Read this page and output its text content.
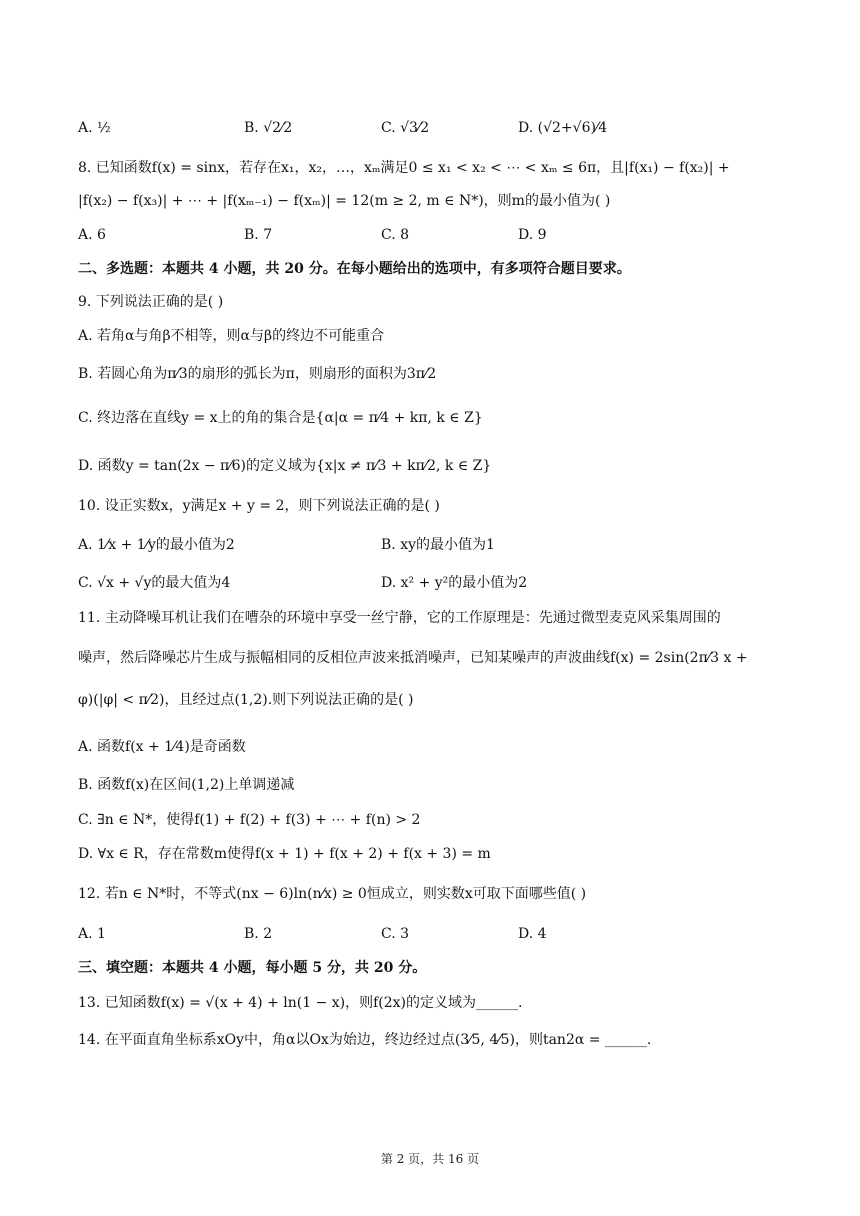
A. ½	B. √2⁄2	C. √3⁄2	D. (√2+√6)⁄4
8. 已知函数f(x) = sinx，若存在x₁，x₂，…，xₘ满足0 ≤ x₁ < x₂ < ⋯ < xₘ ≤ 6π，且|f(x₁) − f(x₂)| +
|f(x₂) − f(x₃)| + ⋯ + |f(xₘ₋₁) − f(xₘ)| = 12(m ≥ 2, m ∈ N*)，则m的最小值为( )
A. 6	B. 7	C. 8	D. 9
二、多选题：本题共 4 小题，共 20 分。在每小题给出的选项中，有多项符合题目要求。
9. 下列说法正确的是( )
A. 若角α与角β不相等，则α与β的终边不可能重合
B. 若圆心角为π⁄3的扇形的弧长为π，则扇形的面积为3π⁄2
C. 终边落在直线y = x上的角的集合是{α|α = π⁄4 + kπ, k ∈ Z}
D. 函数y = tan(2x − π⁄6)的定义域为{x|x ≠ π⁄3 + kπ⁄2, k ∈ Z}
10. 设正实数x，y满足x + y = 2，则下列说法正确的是( )
A. 1⁄x + 1⁄y的最小值为2	B. xy的最小值为1
C. √x + √y的最大值为4	D. x² + y²的最小值为2
11. 主动降噪耳机让我们在嘈杂的环境中享受一丝宁静，它的工作原理是：先通过微型麦克风采集周围的
噪声，然后降噪芯片生成与振幅相同的反相位声波来抵消噪声，已知某噪声的声波曲线f(x) = 2sin(2π⁄3 x +
φ)(|φ| < π⁄2)，且经过点(1,2).则下列说法正确的是( )
A. 函数f(x + 1⁄4)是奇函数
B. 函数f(x)在区间(1,2)上单调递减
C. ∃n ∈ N*，使得f(1) + f(2) + f(3) + ⋯ + f(n) > 2
D. ∀x ∈ R，存在常数m使得f(x + 1) + f(x + 2) + f(x + 3) = m
12. 若n ∈ N*时，不等式(nx − 6)ln(n⁄x) ≥ 0恒成立，则实数x可取下面哪些值( )
A. 1	B. 2	C. 3	D. 4
三、填空题：本题共 4 小题，每小题 5 分，共 20 分。
13. 已知函数f(x) = √(x + 4) + ln(1 − x)，则f(2x)的定义域为______.
14. 在平面直角坐标系xOy中，角α以Ox为始边，终边经过点(3⁄5, 4⁄5)，则tan2α = ______.
第 2 页，共 16 页
